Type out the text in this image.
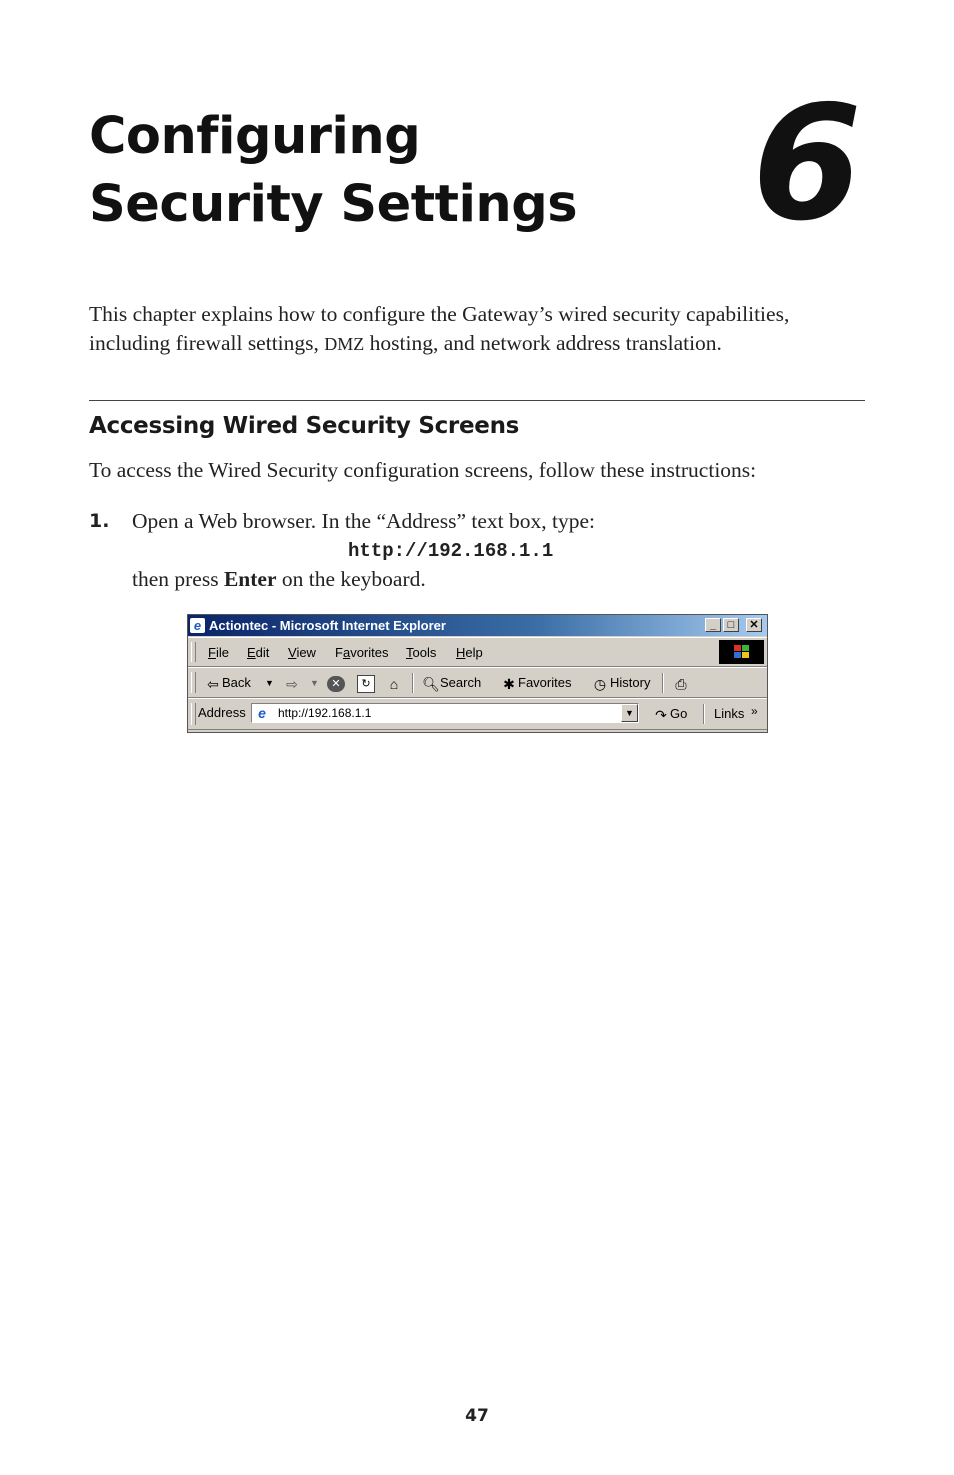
Configuring
Security Settings 6

This chapter explains how to configure the Gateway’s wired security capabilities, including firewall settings, DMZ hosting, and network address translation.

Accessing Wired Security Screens

To access the Wired Security configuration screens, follow these instructions:

1. Open a Web browser. In the “Address” text box, type:
http://192.168.1.1
then press Enter on the keyboard.
e Actiontec - Microsoft Internet Explorer	_	□	✕
File Edit View Favorites Tools Help
⇦ Back ▼ ⇨	▼	✕	↻	⌂	🔍︎Search ✱ Favorites ◷ History ⎙
Address e	http://192.168.1.1	▼ ↷ Go Links »
47
